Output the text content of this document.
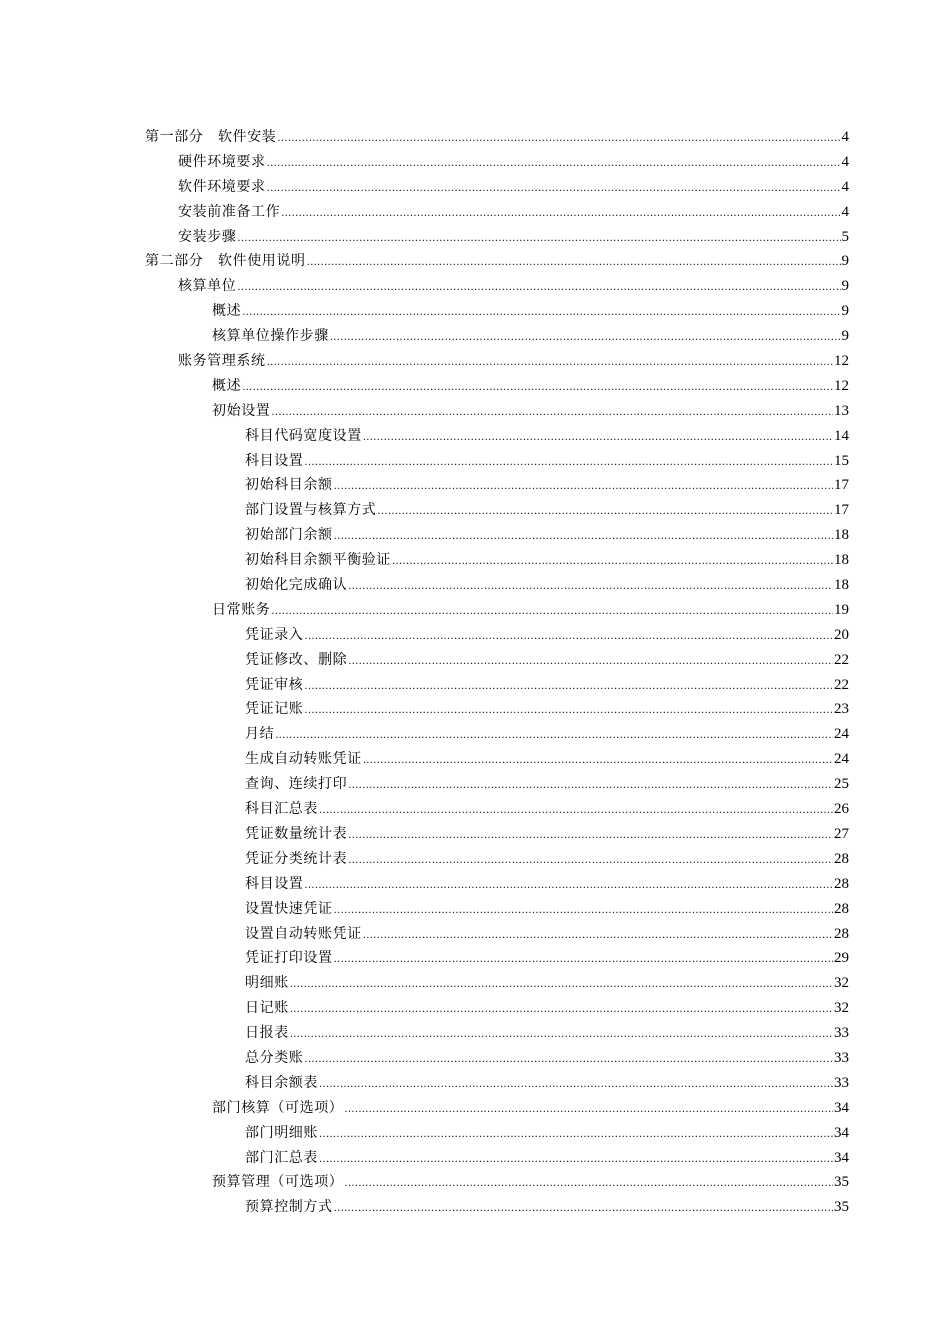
第一部分　软件安装 .....	4
硬件环境要求 .....	4
软件环境要求 .....	4
安装前准备工作 .....	4
安装步骤 .....	5
第二部分　软件使用说明 .....	9
核算单位 .....	9
概述 .....	9
核算单位操作步骤 .....	9
账务管理系统 .....	12
概述 .....	12
初始设置 .....	13
科目代码宽度设置 .....	14
科目设置 .....	15
初始科目余额 .....	17
部门设置与核算方式 .....	17
初始部门余额 .....	18
初始科目余额平衡验证 .....	18
初始化完成确认 .....	18
日常账务 .....	19
凭证录入 .....	20
凭证修改、删除 .....	22
凭证审核 .....	22
凭证记账 .....	23
月结 .....	24
生成自动转账凭证 .....	24
查询、连续打印 .....	25
科目汇总表 .....	26
凭证数量统计表 .....	27
凭证分类统计表 .....	28
科目设置 .....	28
设置快速凭证 .....	28
设置自动转账凭证 .....	28
凭证打印设置 .....	29
明细账 .....	32
日记账 .....	32
日报表 .....	33
总分类账 .....	33
科目余额表 .....	33
部门核算（可选项） .....	34
部门明细账 .....	34
部门汇总表 .....	34
预算管理（可选项） .....	35
预算控制方式 .....	35
